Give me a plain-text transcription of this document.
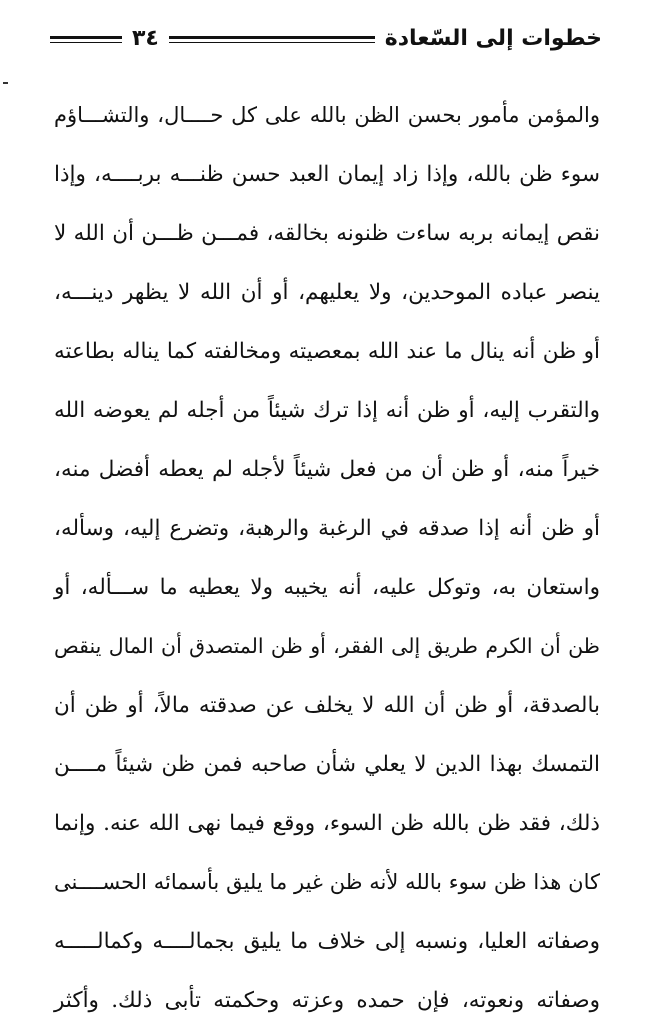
خطوات إلى السّعادة
٣٤
والمؤمن مأمور بحسن الظن بالله على كل حــــال، والتشـــاؤم
سوء ظن بالله، وإذا زاد إيمان العبد حسن ظنـــه بربــــه، وإذا
نقص إيمانه بربه ساءت ظنونه بخالقه، فمـــن ظـــن أن الله لا
ينصر عباده الموحدين، ولا يعليهم، أو أن الله لا يظهر دينـــه،
أو ظن أنه ينال ما عند الله بمعصيته ومخالفته كما يناله بطاعته
والتقرب إليه، أو ظن أنه إذا ترك شيئاً من أجله لم يعوضه الله
خيراً منه، أو ظن أن من فعل شيئاً لأجله لم يعطه أفضل منه،
أو ظن أنه إذا صدقه في الرغبة والرهبة، وتضرع إليه، وسأله،
واستعان به، وتوكل عليه، أنه يخيبه ولا يعطيه ما ســـأله، أو
ظن أن الكرم طريق إلى الفقر، أو ظن المتصدق أن المال ينقص
بالصدقة، أو ظن أن الله لا يخلف عن صدقته مالاً، أو ظن أن
التمسك بهذا الدين لا يعلي شأن صاحبه فمن ظن شيئاً مــــن
ذلك، فقد ظن بالله ظن السوء، ووقع فيما نهى الله عنه. وإنما
كان هذا ظن سوء بالله لأنه ظن غير ما يليق بأسمائه الحســــنى
وصفاته العليا، ونسبه إلى خلاف ما يليق بجمالــــه وكمالـــــه
وصفاته ونعوته، فإن حمده وعزته وحكمته تأبى ذلك. وأكثر
